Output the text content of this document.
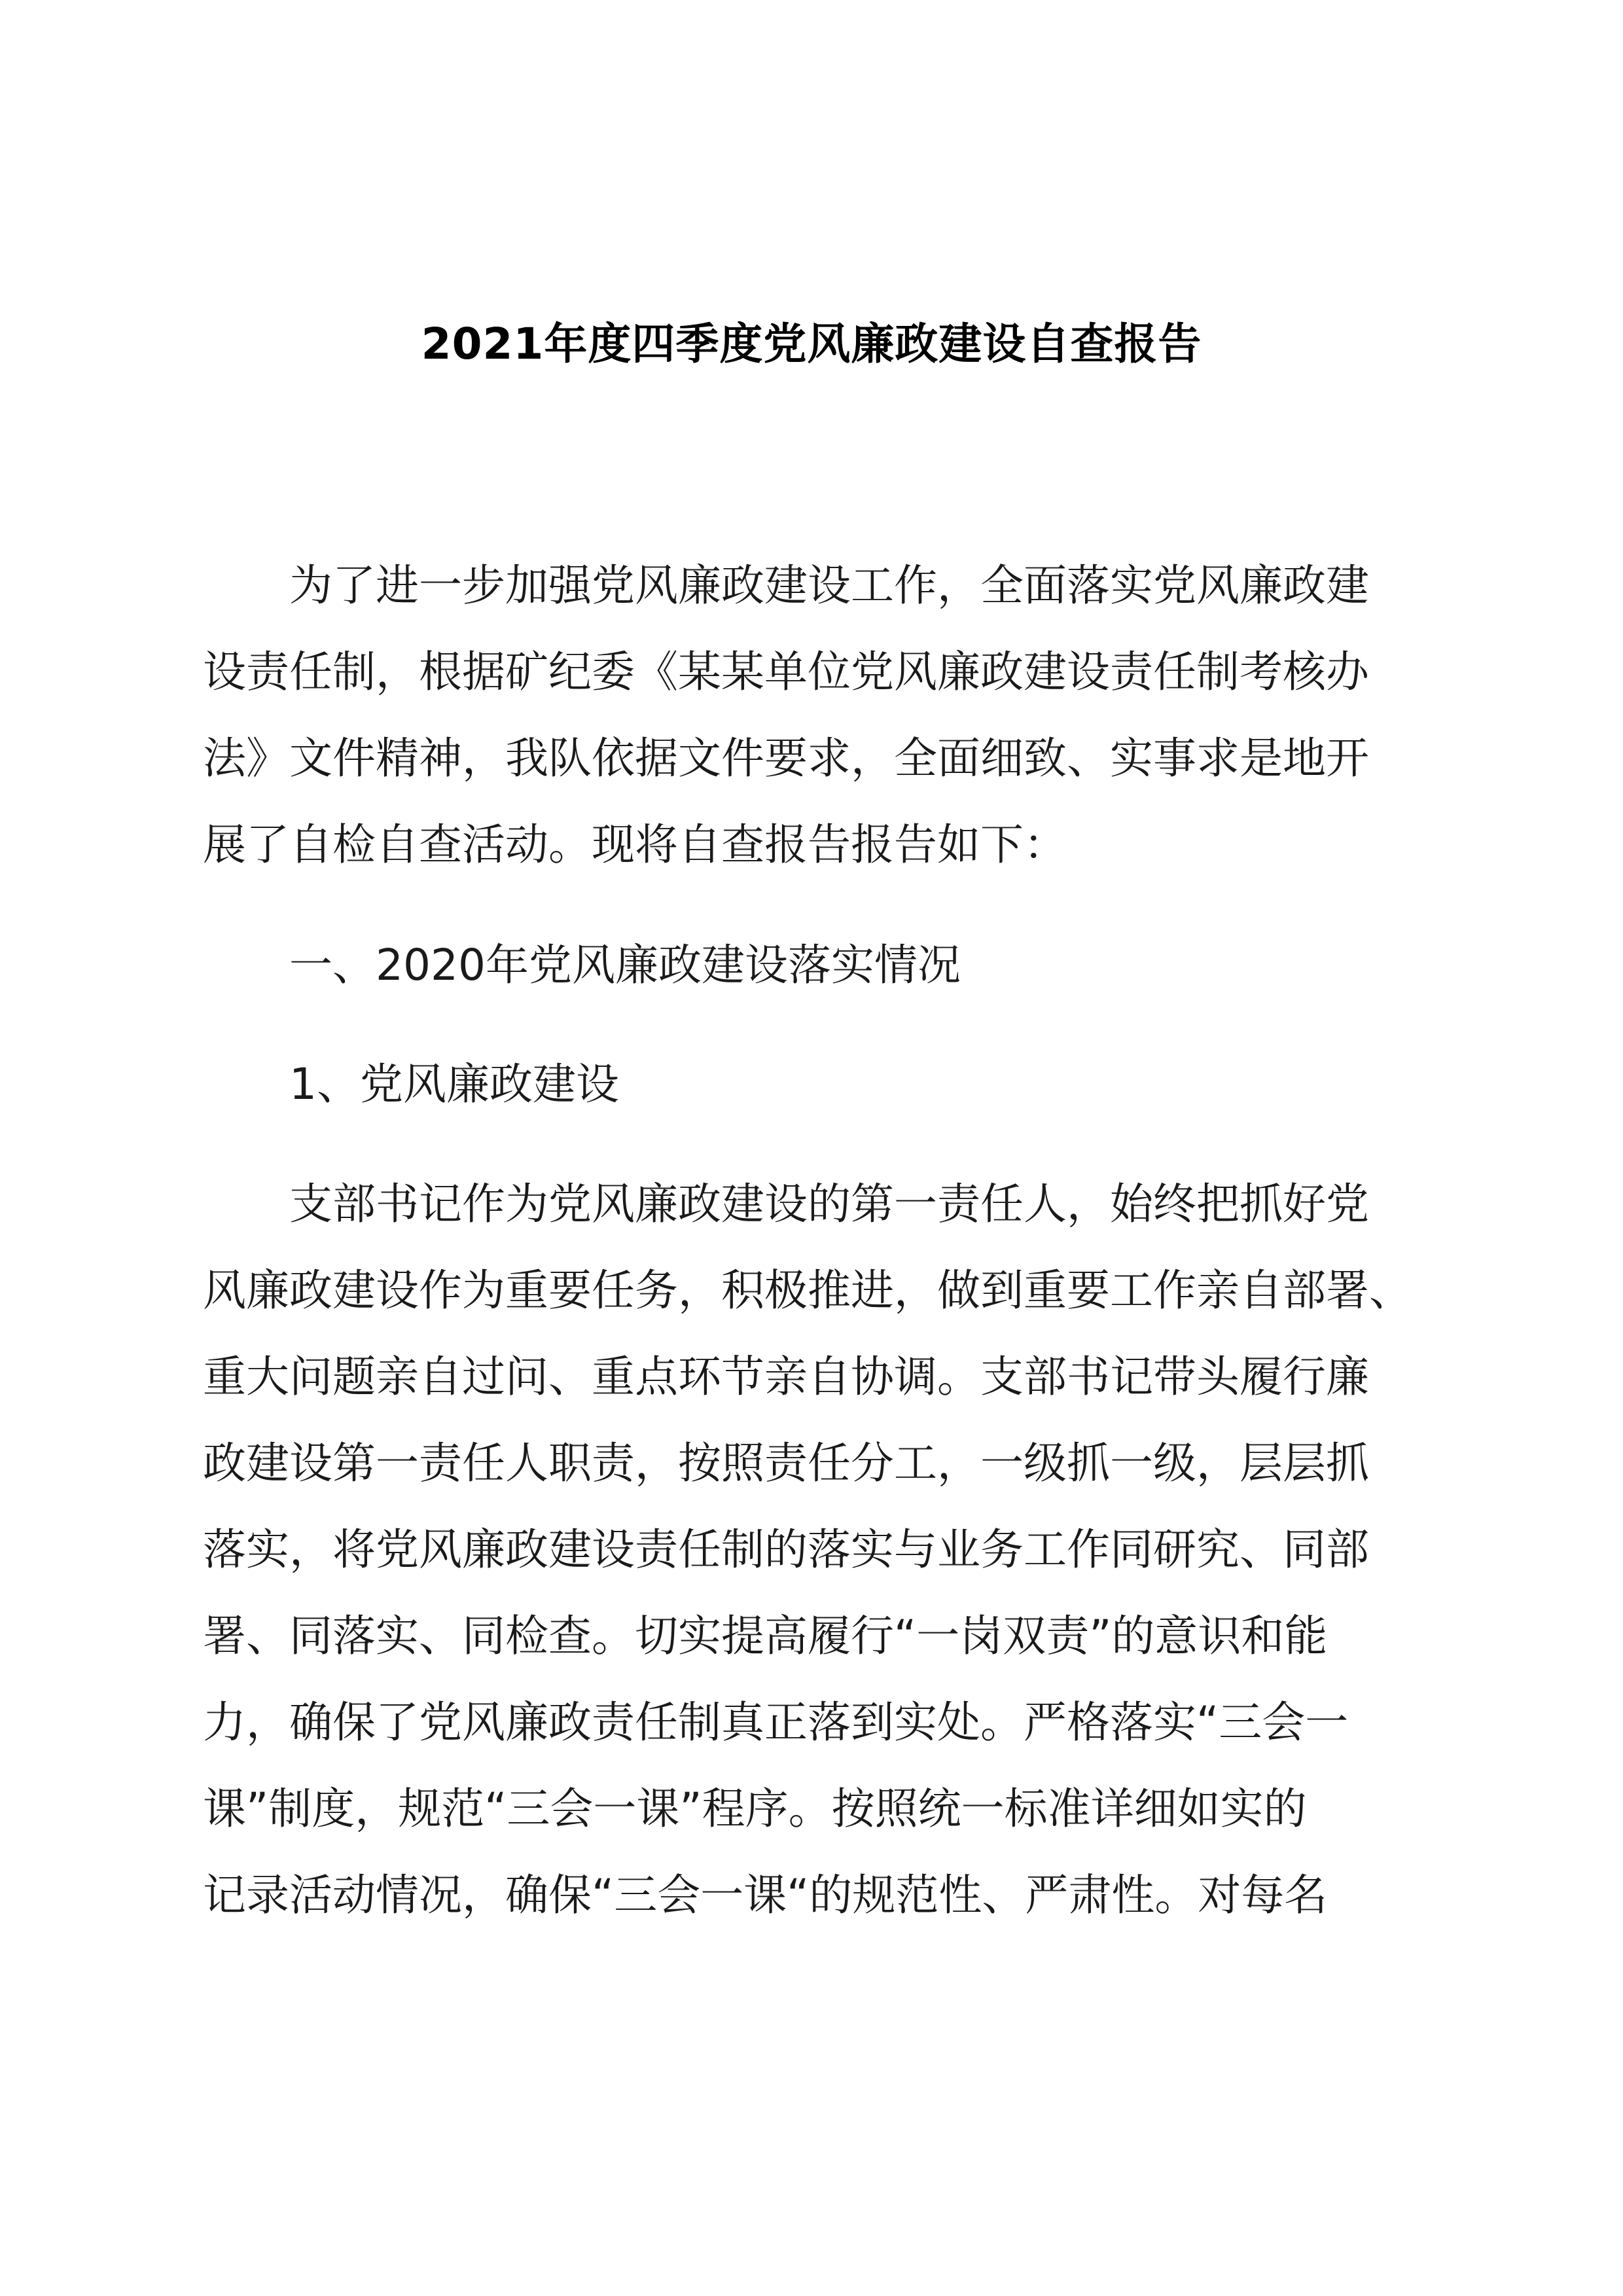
2021年度四季度党风廉政建设自查报告
为了进一步加强党风廉政建设工作，全面落实党风廉政建
设责任制，根据矿纪委《某某单位党风廉政建设责任制考核办
法》文件精神，我队依据文件要求，全面细致、实事求是地开
展了自检自查活动。现将自查报告报告如下：
一、2020年党风廉政建设落实情况
1、党风廉政建设
支部书记作为党风廉政建设的第一责任人，始终把抓好党
风廉政建设作为重要任务，积极推进，做到重要工作亲自部署、
重大问题亲自过问、重点环节亲自协调。支部书记带头履行廉
政建设第一责任人职责，按照责任分工，一级抓一级，层层抓
落实，将党风廉政建设责任制的落实与业务工作同研究、同部
署、同落实、同检查。切实提高履行“一岗双责”的意识和能
力，确保了党风廉政责任制真正落到实处。严格落实“三会一
课”制度，规范“三会一课”程序。按照统一标准详细如实的
记录活动情况，确保“三会一课“的规范性、严肃性。对每名
